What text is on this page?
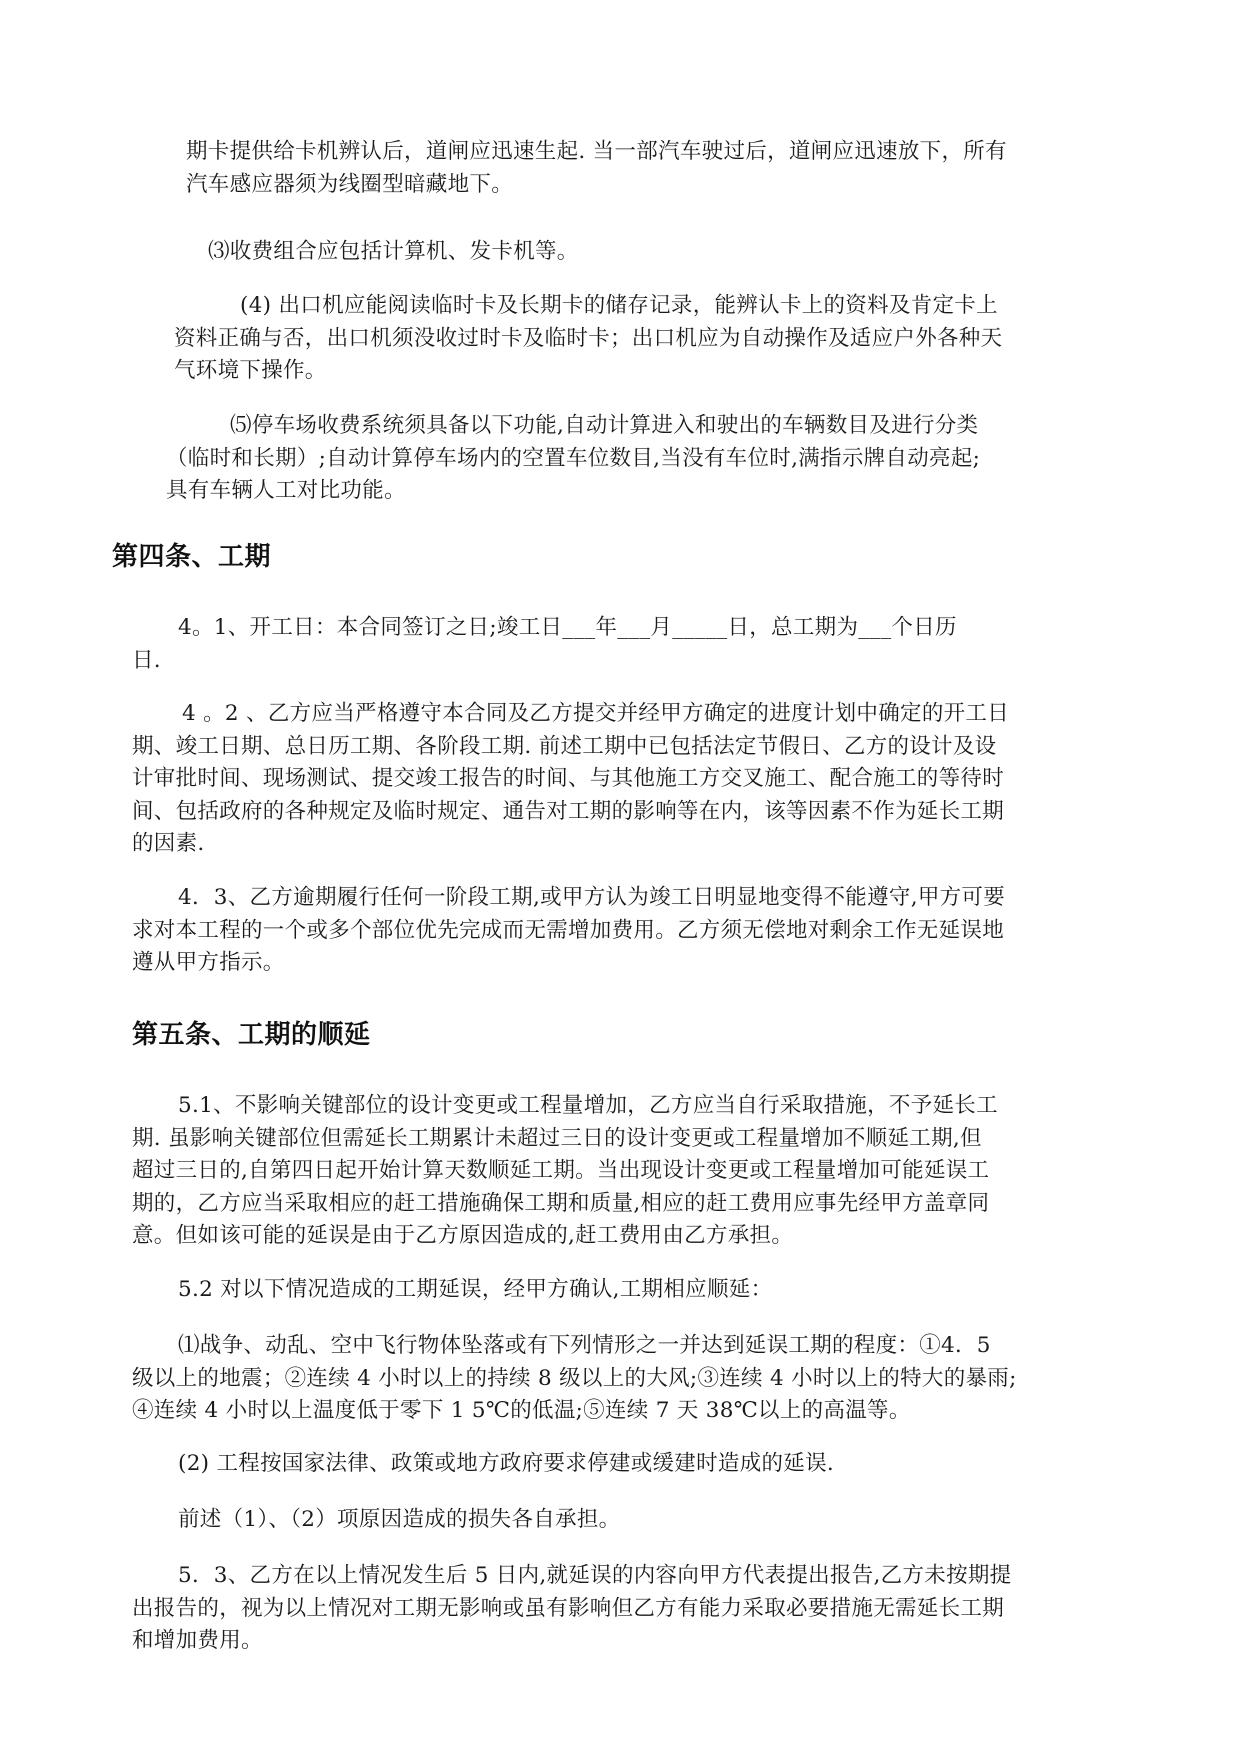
期卡提供给卡机辨认后，道闸应迅速生起. 当一部汽车驶过后，道闸应迅速放下，所有
汽车感应器须为线圈型暗藏地下。
⑶收费组合应包括计算机、发卡机等。
(4) 出口机应能阅读临时卡及长期卡的储存记录，能辨认卡上的资料及肯定卡上
资料正确与否，出口机须没收过时卡及临时卡；出口机应为自动操作及适应户外各种天
气环境下操作。
⑸停车场收费系统须具备以下功能,自动计算进入和驶出的车辆数目及进行分类
（临时和长期）;自动计算停车场内的空置车位数目,当没有车位时,满指示牌自动亮起;
具有车辆人工对比功能。
第四条、工期
4。1、开工日：本合同签订之日;竣工日___年___月_____日，总工期为___个日历
日.
4 。2 、乙方应当严格遵守本合同及乙方提交并经甲方确定的进度计划中确定的开工日
期、竣工日期、总日历工期、各阶段工期. 前述工期中已包括法定节假日、乙方的设计及设
计审批时间、现场测试、提交竣工报告的时间、与其他施工方交叉施工、配合施工的等待时
间、包括政府的各种规定及临时规定、通告对工期的影响等在内，该等因素不作为延长工期
的因素.
4．3、乙方逾期履行任何一阶段工期,或甲方认为竣工日明显地变得不能遵守,甲方可要
求对本工程的一个或多个部位优先完成而无需增加费用。乙方须无偿地对剩余工作无延误地
遵从甲方指示。
第五条、工期的顺延
5.1、不影响关键部位的设计变更或工程量增加，乙方应当自行采取措施，不予延长工
期. 虽影响关键部位但需延长工期累计未超过三日的设计变更或工程量增加不顺延工期,但
超过三日的,自第四日起开始计算天数顺延工期。当出现设计变更或工程量增加可能延误工
期的，乙方应当采取相应的赶工措施确保工期和质量,相应的赶工费用应事先经甲方盖章同
意。但如该可能的延误是由于乙方原因造成的,赶工费用由乙方承担。
5.2 对以下情况造成的工期延误，经甲方确认,工期相应顺延：
⑴战争、动乱、空中飞行物体坠落或有下列情形之一并达到延误工期的程度：①4．5
级以上的地震；②连续 4 小时以上的持续 8 级以上的大风;③连续 4 小时以上的特大的暴雨;
④连续 4 小时以上温度低于零下 1 5℃的低温;⑤连续 7 天 38℃以上的高温等。
(2) 工程按国家法律、政策或地方政府要求停建或缓建时造成的延误.
前述（1）、（2）项原因造成的损失各自承担。
5．3、乙方在以上情况发生后 5 日内,就延误的内容向甲方代表提出报告,乙方未按期提
出报告的，视为以上情况对工期无影响或虽有影响但乙方有能力采取必要措施无需延长工期
和增加费用。
